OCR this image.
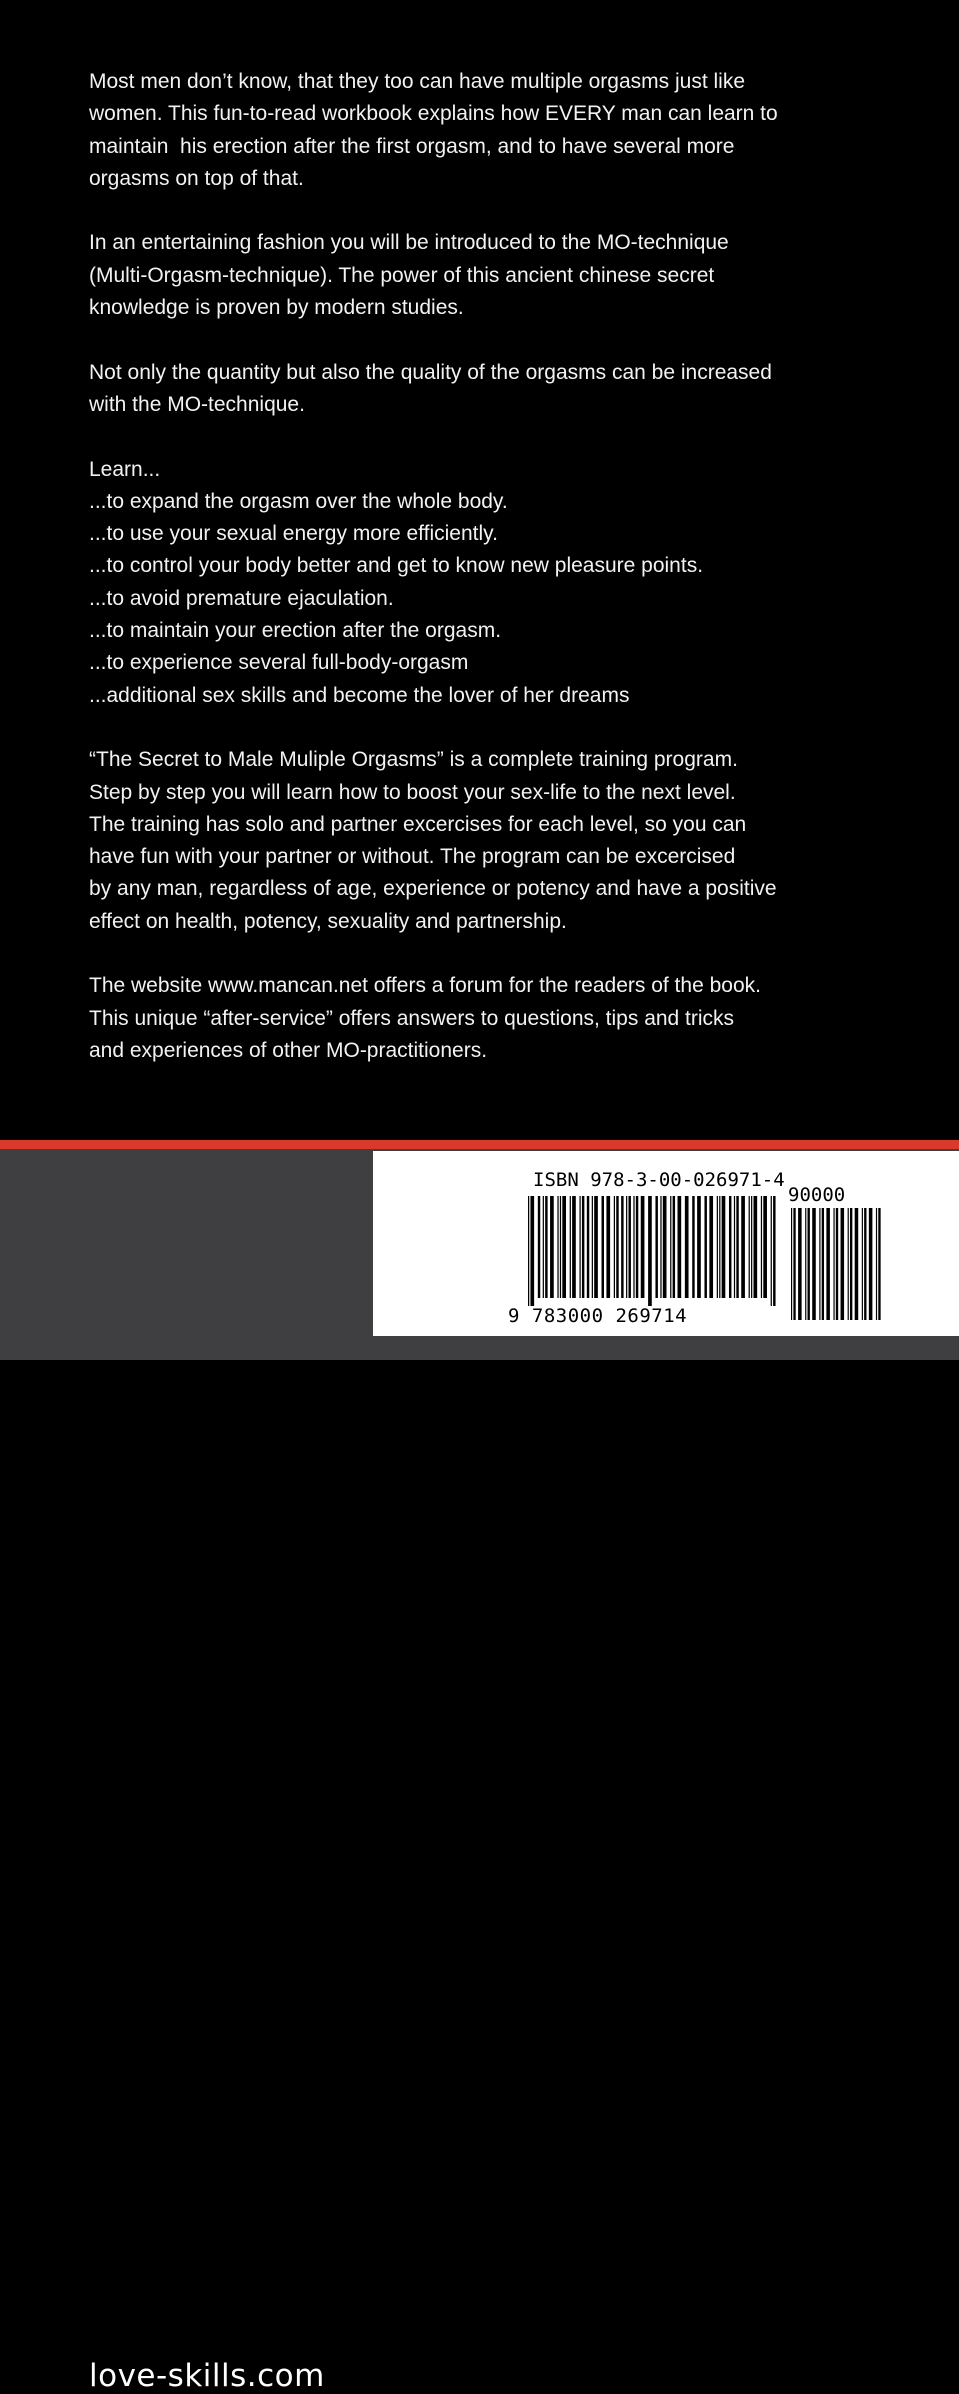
Most men don’t know, that they too can have multiple orgasms just like
women. This fun-to-read workbook explains how EVERY man can learn to
maintain  his erection after the first orgasm, and to have several more
orgasms on top of that.
In an entertaining fashion you will be introduced to the MO-technique
(Multi-Orgasm-technique). The power of this ancient chinese secret
knowledge is proven by modern studies.
Not only the quantity but also the quality of the orgasms can be increased
with the MO-technique.
Learn...
...to expand the orgasm over the whole body.
...to use your sexual energy more efficiently.
...to control your body better and get to know new pleasure points.
...to avoid premature ejaculation.
...to maintain your erection after the orgasm.
...to experience several full-body-orgasm
...additional sex skills and become the lover of her dreams
“The Secret to Male Muliple Orgasms” is a complete training program.
Step by step you will learn how to boost your sex-life to the next level.
The training has solo and partner excercises for each level, so you can
have fun with your partner or without. The program can be excercised
by any man, regardless of age, experience or potency and have a positive
effect on health, potency, sexuality and partnership.
The website www.mancan.net offers a forum for the readers of the book.
This unique “after-service” offers answers to questions, tips and tricks
and experiences of other MO-practitioners.
love-skills.com
ISBN 978-3-00-026971-4
90000
9 783000 269714
